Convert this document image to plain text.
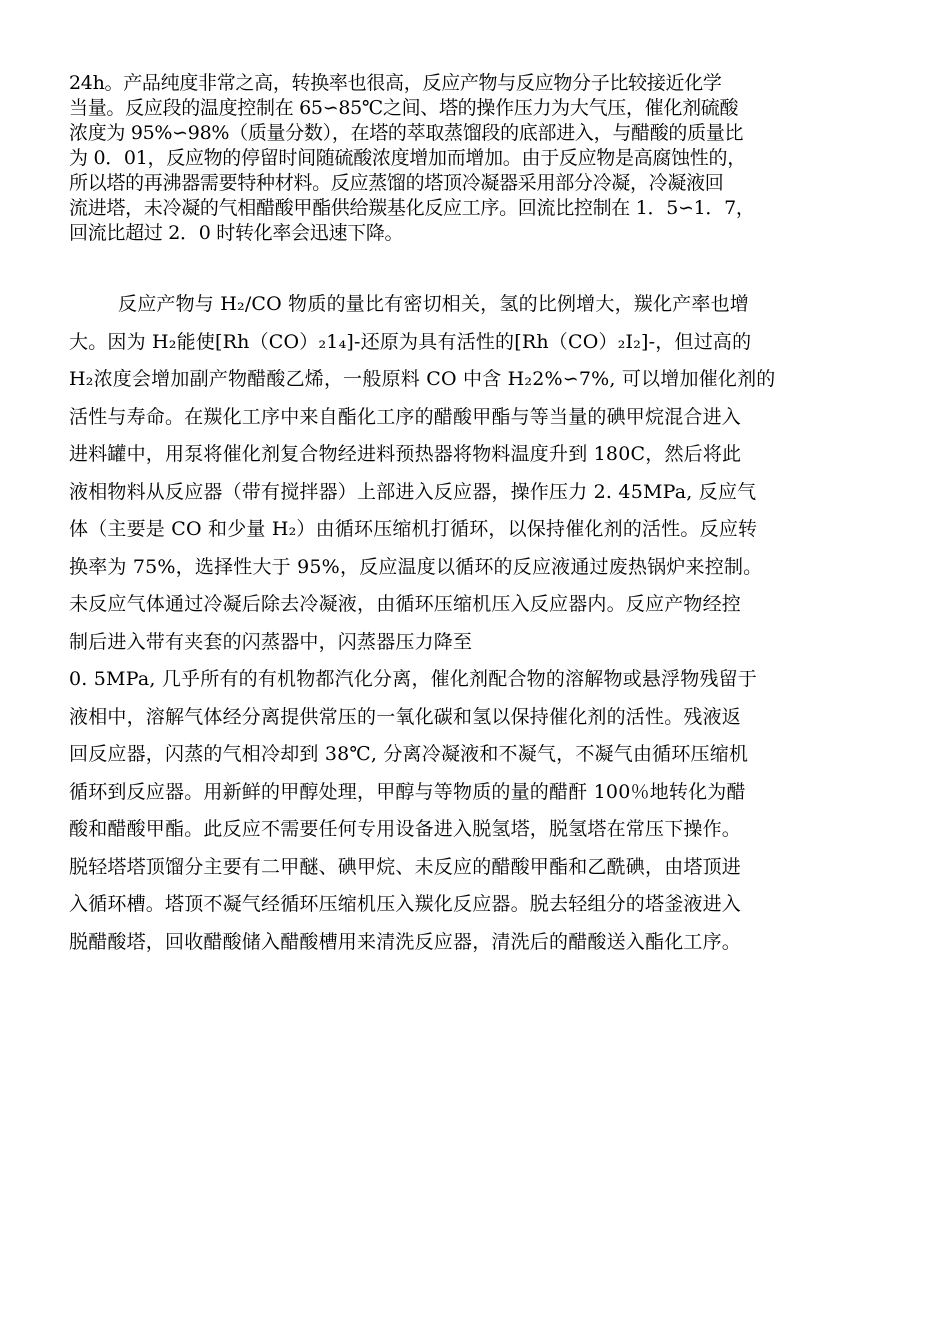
24h。产品纯度非常之高，转换率也很高，反应产物与反应物分子比较接近化学
当量。反应段的温度控制在 65∽85℃之间、塔的操作压力为大气压，催化剂硫酸
浓度为 95%∽98%（质量分数），在塔的萃取蒸馏段的底部进入，与醋酸的质量比
为 0．01，反应物的停留时间随硫酸浓度增加而增加。由于反应物是高腐蚀性的，
所以塔的再沸器需要特种材料。反应蒸馏的塔顶冷凝器采用部分冷凝，冷凝液回
流进塔，未冷凝的气相醋酸甲酯供给羰基化反应工序。回流比控制在 1．5∽1．7，
回流比超过 2．0 时转化率会迅速下降。
反应产物与 H₂/CO 物质的量比有密切相关，氢的比例增大，羰化产率也增
大。因为 H₂能使[Rh（CO）₂1₄]-还原为具有活性的[Rh（CO）₂I₂]-，但过高的
H₂浓度会增加副产物醋酸乙烯，一般原料 CO 中含 H₂2%∽7%, 可以增加催化剂的
活性与寿命。在羰化工序中来自酯化工序的醋酸甲酯与等当量的碘甲烷混合进入
进料罐中，用泵将催化剂复合物经进料预热器将物料温度升到 180C，然后将此
液相物料从反应器（带有搅拌器）上部进入反应器，操作压力 2. 45MPa, 反应气
体（主要是 CO 和少量 H₂）由循环压缩机打循环，以保持催化剂的活性。反应转
换率为 75%，选择性大于 95%，反应温度以循环的反应液通过废热锅炉来控制。
未反应气体通过冷凝后除去冷凝液，由循环压缩机压入反应器内。反应产物经控
制后进入带有夹套的闪蒸器中，闪蒸器压力降至
0. 5MPa, 几乎所有的有机物都汽化分离，催化剂配合物的溶解物或悬浮物残留于
液相中，溶解气体经分离提供常压的一氧化碳和氢以保持催化剂的活性。残液返
回反应器，闪蒸的气相冷却到 38℃, 分离冷凝液和不凝气，不凝气由循环压缩机
循环到反应器。用新鲜的甲醇处理，甲醇与等物质的量的醋酐 100％地转化为醋
酸和醋酸甲酯。此反应不需要任何专用设备进入脱氢塔，脱氢塔在常压下操作。
脱轻塔塔顶馏分主要有二甲醚、碘甲烷、未反应的醋酸甲酯和乙酰碘，由塔顶进
入循环槽。塔顶不凝气经循环压缩机压入羰化反应器。脱去轻组分的塔釜液进入
脱醋酸塔，回收醋酸储入醋酸槽用来清洗反应器，清洗后的醋酸送入酯化工序。
